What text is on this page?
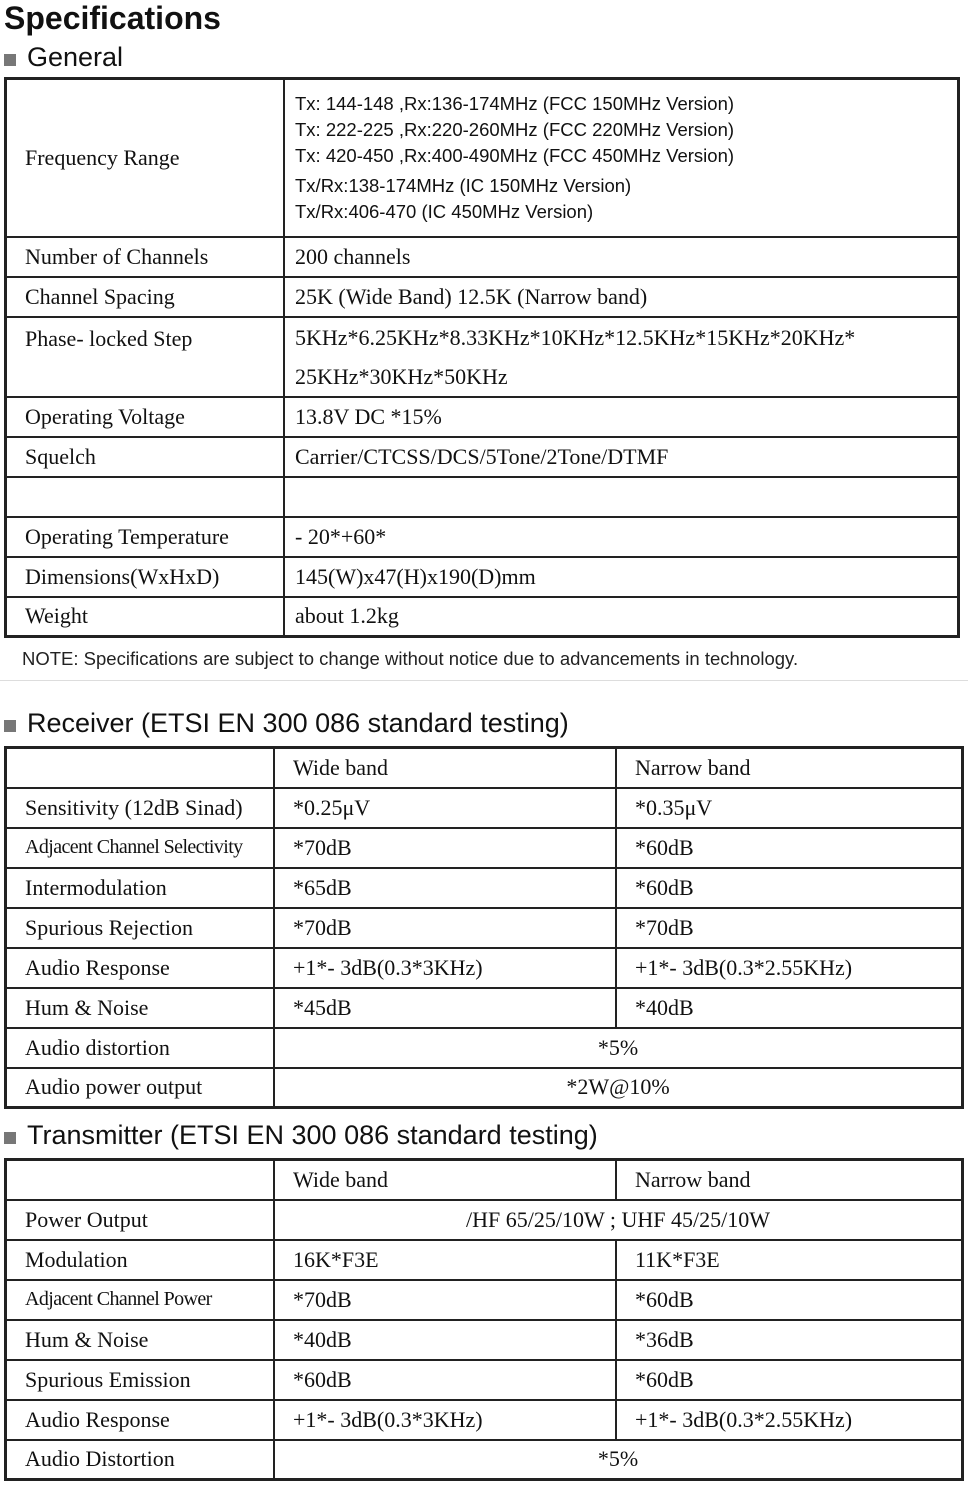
Specifications
General
Frequency Range	Tx: 144-148 ,Rx:136-174MHz (FCC 150MHz Version)
Tx: 222-225 ,Rx:220-260MHz (FCC 220MHz Version)
Tx: 420-450 ,Rx:400-490MHz (FCC 450MHz Version)
Tx/Rx:138-174MHz (IC 150MHz Version)
Tx/Rx:406-470 (IC 450MHz Version)

Number of Channels	200 channels
Channel Spacing	25K (Wide Band) 12.5K (Narrow band)
Phase- locked Step	5KHz*6.25KHz*8.33KHz*10KHz*12.5KHz*15KHz*20KHz*
25KHz*30KHz*50KHz

Operating Voltage	13.8V DC *15%
Squelch	Carrier/CTCSS/DCS/5Tone/2Tone/DTMF

Operating Temperature	- 20*+60*
Dimensions(WxHxD)	145(W)x47(H)x190(D)mm
Weight	about 1.2kg
NOTE: Specifications are subject to change without notice due to advancements in technology.
Receiver (ETSI EN 300 086 standard testing)
	Wide band	Narrow band
Sensitivity (12dB Sinad)	*0.25μV	*0.35μV
Adjacent Channel Selectivity	*70dB	*60dB
Intermodulation	*65dB	*60dB
Spurious Rejection	*70dB	*70dB
Audio Response	+1*- 3dB(0.3*3KHz)	+1*- 3dB(0.3*2.55KHz)
Hum & Noise	*45dB	*40dB
Audio distortion	*5%	
Audio power output	*2W@10%	
Transmitter (ETSI EN 300 086 standard testing)
	Wide band	Narrow band
Power Output	/HF 65/25/10W ; UHF 45/25/10W	
Modulation	16K*F3E	11K*F3E
Adjacent Channel Power	*70dB	*60dB
Hum & Noise	*40dB	*36dB
Spurious Emission	*60dB	*60dB
Audio Response	+1*- 3dB(0.3*3KHz)	+1*- 3dB(0.3*2.55KHz)
Audio Distortion	*5%	
